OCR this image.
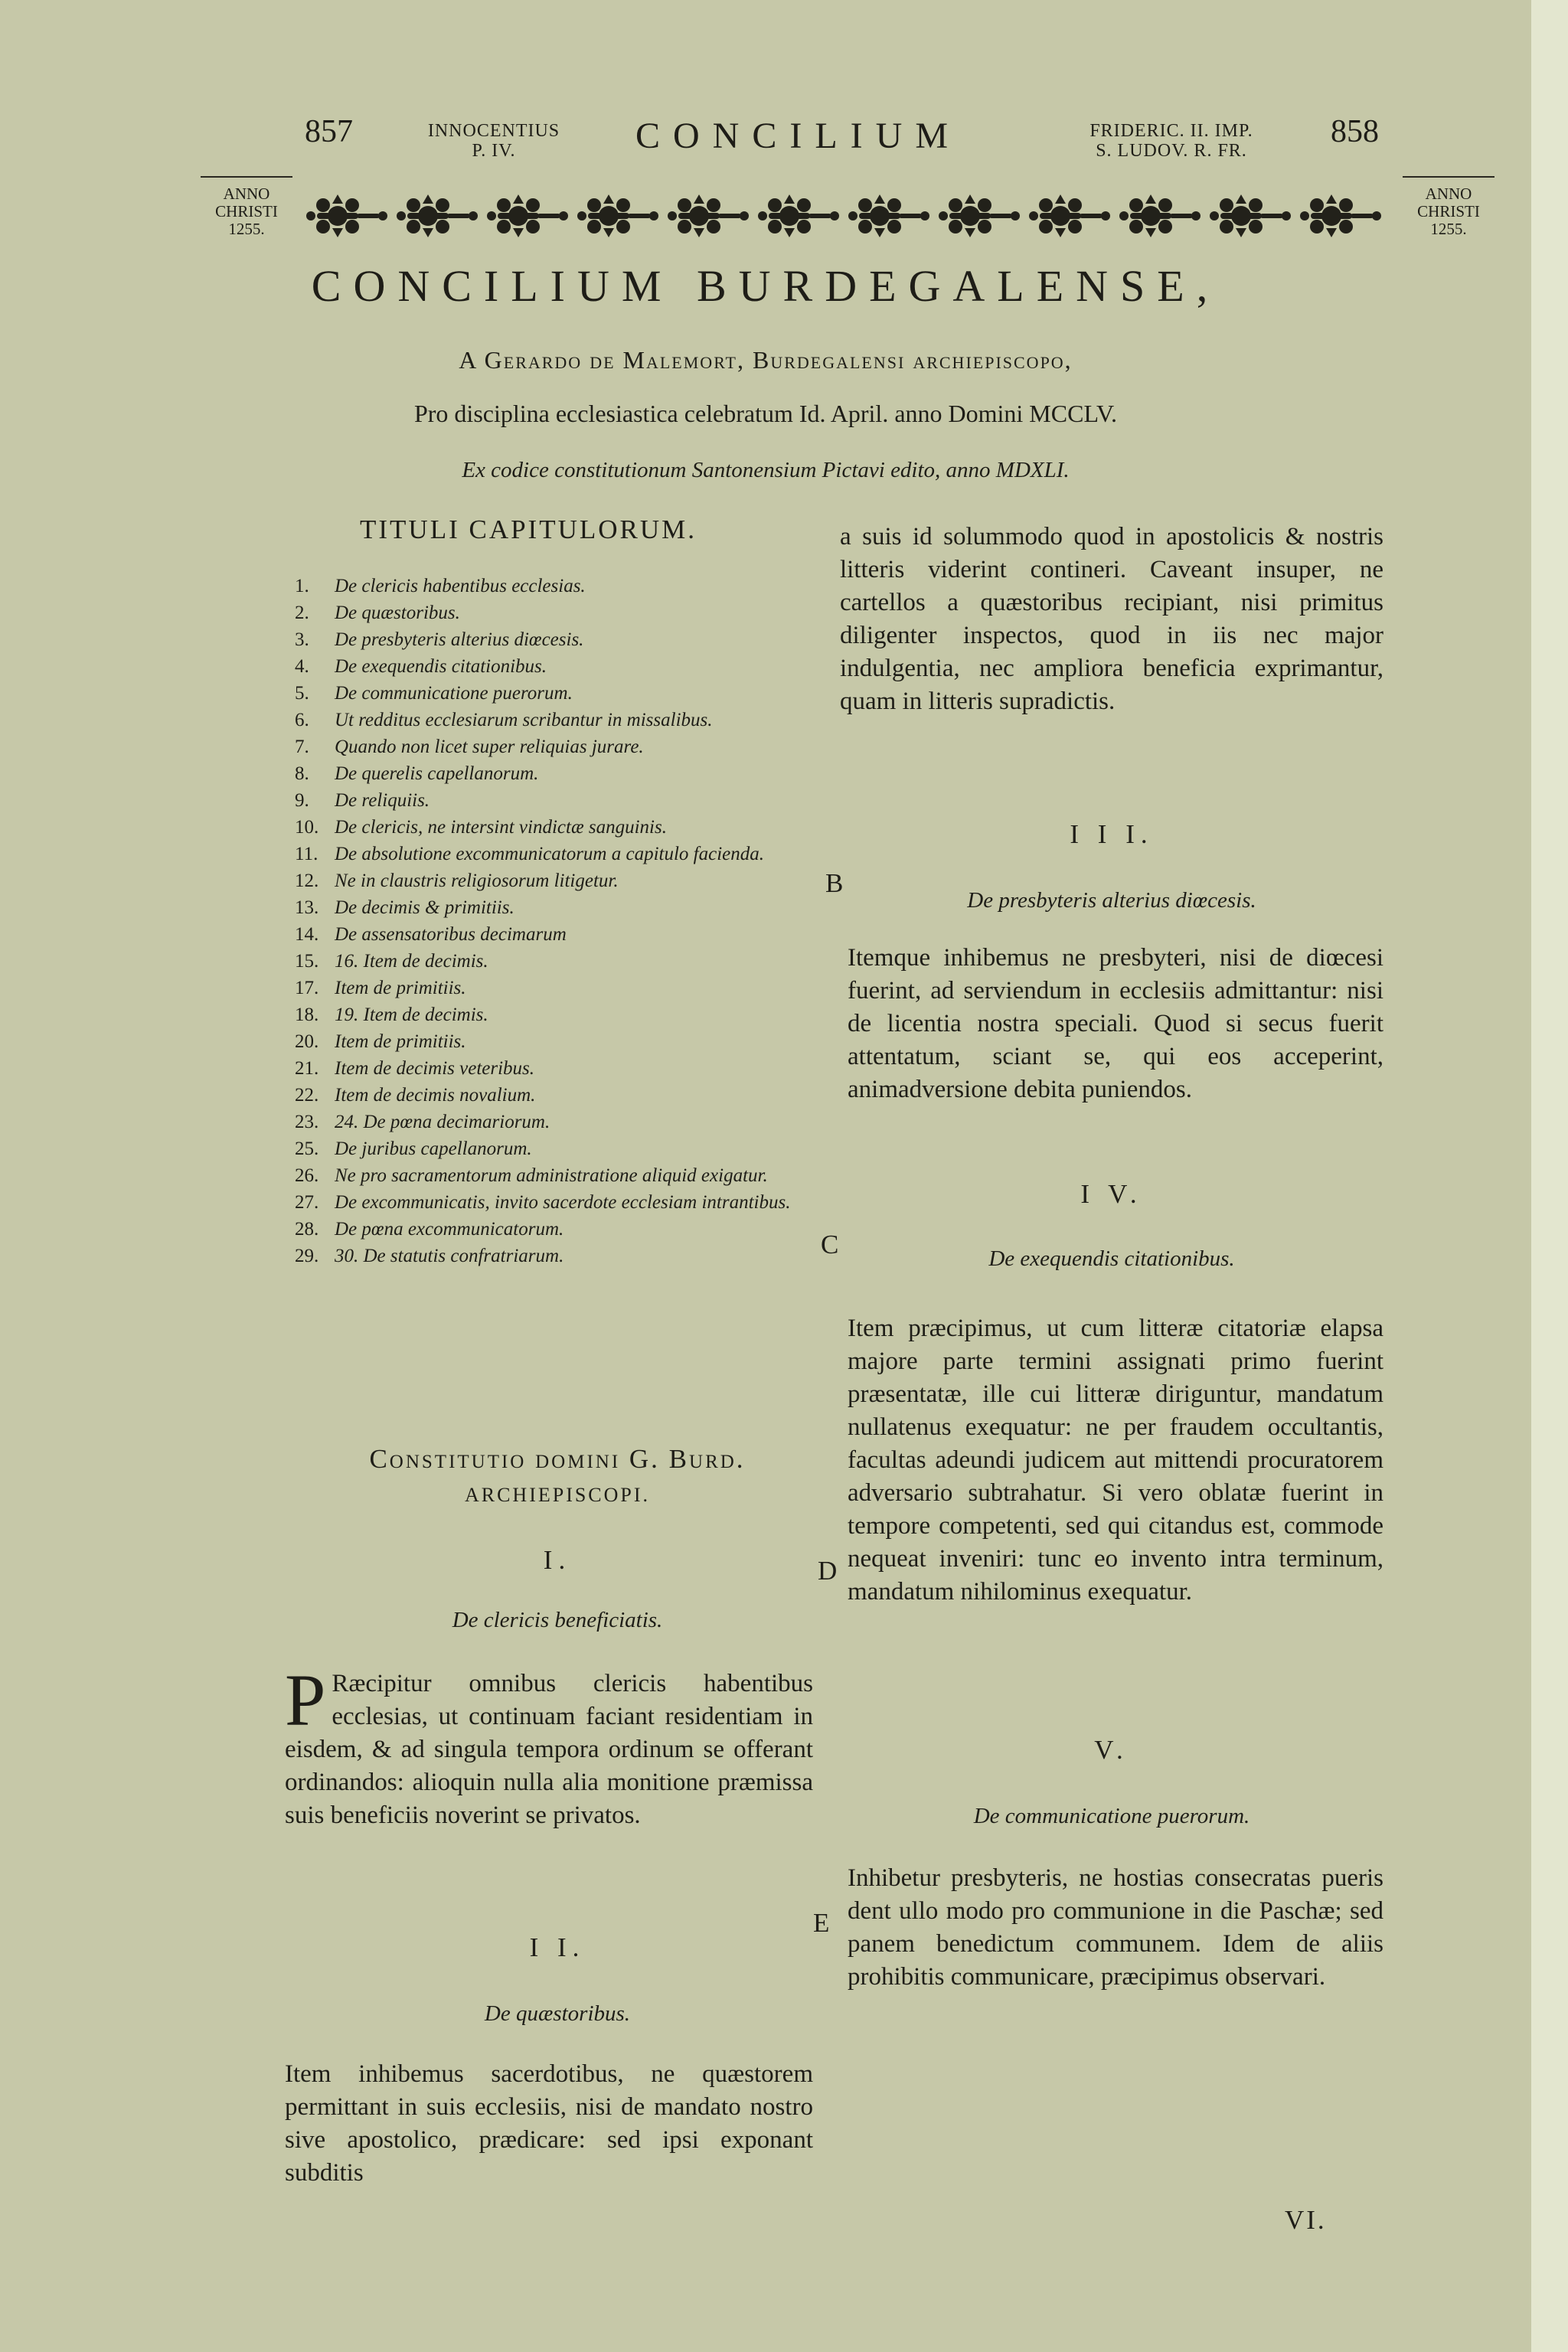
857	INNOCENTIUS
P. IV.	CONCILIUM	FRIDERIC. II. IMP.
S. LUDOV. R. FR.
858
ANNO
CHRISTI
1255.
ANNO
CHRISTI
1255.
CONCILIUM BURDEGALENSE,
A Gerardo de Malemort, Burdegalensi archiepiscopo,
Pro disciplina ecclesiastica celebratum Id. April. anno Domini MCCLV.
Ex codice constitutionum Santonensium Pictavi edito, anno MDXLI.
TITULI CAPITULORUM.
1. De clericis habentibus ecclesias.
2. De quæstoribus.
3. De presbyteris alterius diœcesis.
4. De exequendis citationibus.
5. De communicatione puerorum.
6. Ut redditus ecclesiarum scribantur in missalibus.
7. Quando non licet super reliquias jurare.
8. De querelis capellanorum.
9. De reliquiis.
10. De clericis, ne intersint vindictæ sanguinis.
11. De absolutione excommunicatorum a capitulo facienda.
12. Ne in claustris religiosorum litigetur.
13. De decimis & primitiis.
14. De assensatoribus decimarum
15. 16. Item de decimis.
17. Item de primitiis.
18. 19. Item de decimis.
20. Item de primitiis.
21. Item de decimis veteribus.
22. Item de decimis novalium.
23. 24. De pœna decimariorum.
25. De juribus capellanorum.
26. Ne pro sacramentorum administratione aliquid exigatur.
27. De excommunicatis, invito sacerdote ecclesiam intrantibus.
28. De pœna excommunicatorum.
29. 30. De statutis confratriarum.
Constitutio domini G. Burd.
ARCHIEPISCOPI.
I.
De clericis beneficiatis.
P Ræcipitur omnibus clericis habentibus ecclesias, ut continuam faciant residentiam in eisdem, & ad singula tempora ordinum se offerant ordinandos: alioquin nulla alia monitione præmissa suis beneficiis noverint se privatos.

I I.
De quæstoribus.

Item inhibemus sacerdotibus, ne quæstorem permittant in suis ecclesiis, nisi de mandato nostro sive apostolico, prædicare: sed ipsi exponant subditis

a suis id solummodo quod in apostolicis & nostris litteris viderint contineri. Caveant insuper, ne cartellos a quæstoribus recipiant, nisi primitus diligenter inspectos, quod in iis nec major indulgentia, nec ampliora beneficia exprimantur, quam in litteris supradictis.

I I I.
De presbyteris alterius diœcesis.

Itemque inhibemus ne presbyteri, nisi de diœcesi fuerint, ad serviendum in ecclesiis admittantur: nisi de licentia nostra speciali. Quod si secus fuerit attentatum, sciant se, qui eos acceperint, animadversione debita puniendos.

I V.
De exequendis citationibus.

Item præcipimus, ut cum litteræ citatoriæ elapsa majore parte termini assignati primo fuerint præsentatæ, ille cui litteræ diriguntur, mandatum nullatenus exequatur: ne per fraudem occultantis, facultas adeundi judicem aut mittendi procuratorem adversario subtrahatur. Si vero oblatæ fuerint in tempore competenti, sed qui citandus est, commode nequeat inveniri: tunc eo invento intra terminum, mandatum nihilominus exequatur.

V.
De communicatione puerorum.

Inhibetur presbyteris, ne hostias consecratas pueris dent ullo modo pro communione in die Paschæ; sed panem benedictum communem. Idem de aliis prohibitis communicare, præcipimus observari.

VI.
B
C
D
E
